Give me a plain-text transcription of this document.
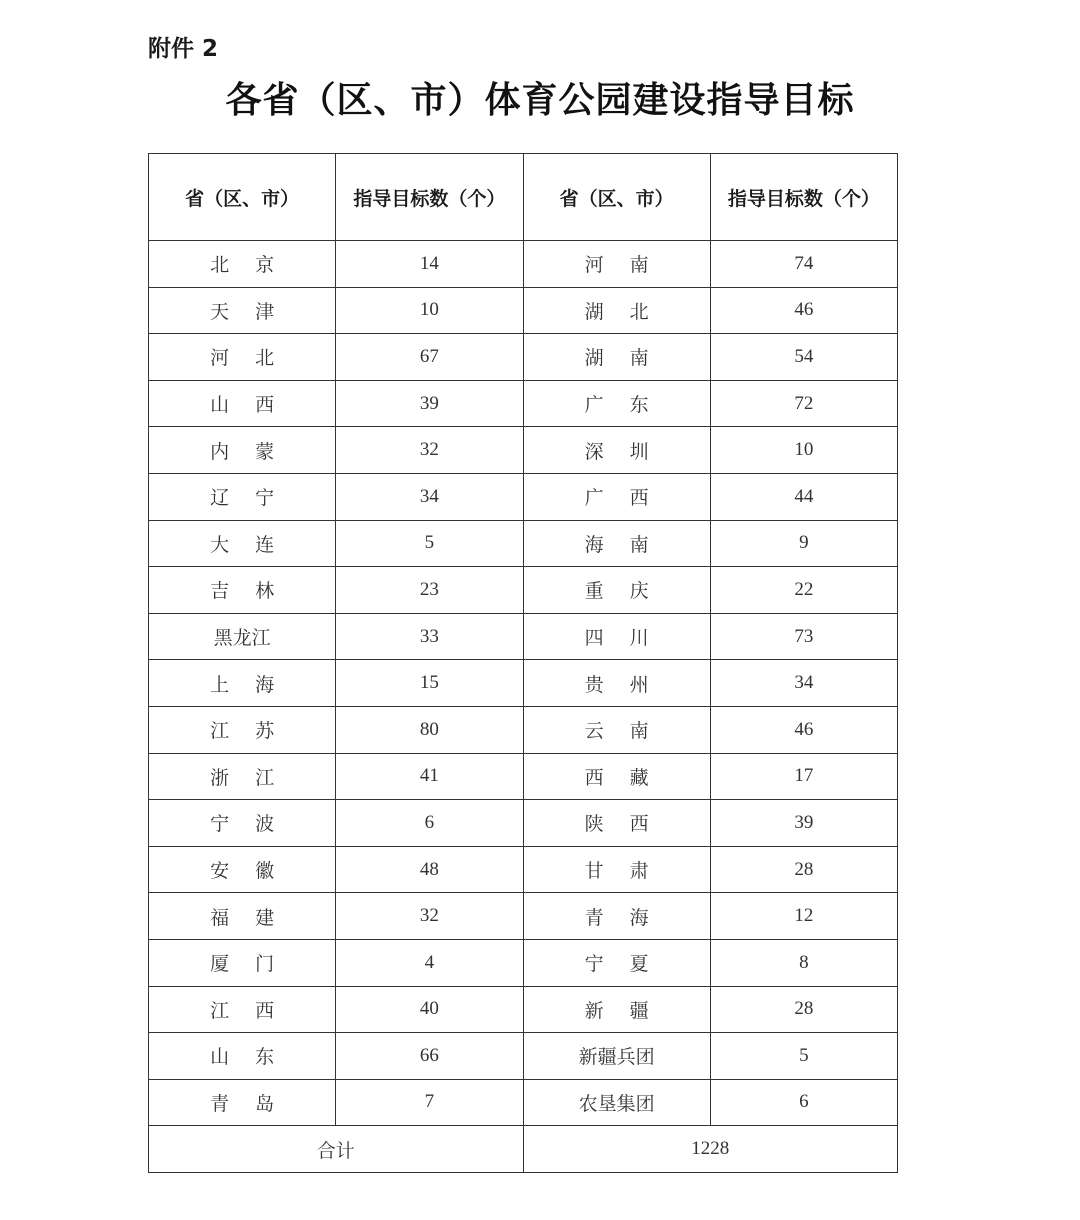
附件 2
各省（区、市）体育公园建设指导目标
省（区、市）	指导目标数（个）	省（区、市）	指导目标数（个）
北京	14	河南	74
天津	10	湖北	46
河北	67	湖南	54
山西	39	广东	72
内蒙	32	深圳	10
辽宁	34	广西	44
大连	5	海南	9
吉林	23	重庆	22
黑龙江	33	四川	73
上海	15	贵州	34
江苏	80	云南	46
浙江	41	西藏	17
宁波	6	陕西	39
安徽	48	甘肃	28
福建	32	青海	12
厦门	4	宁夏	8
江西	40	新疆	28
山东	66	新疆兵团	5
青岛	7	农垦集团	6
合计		1228	
